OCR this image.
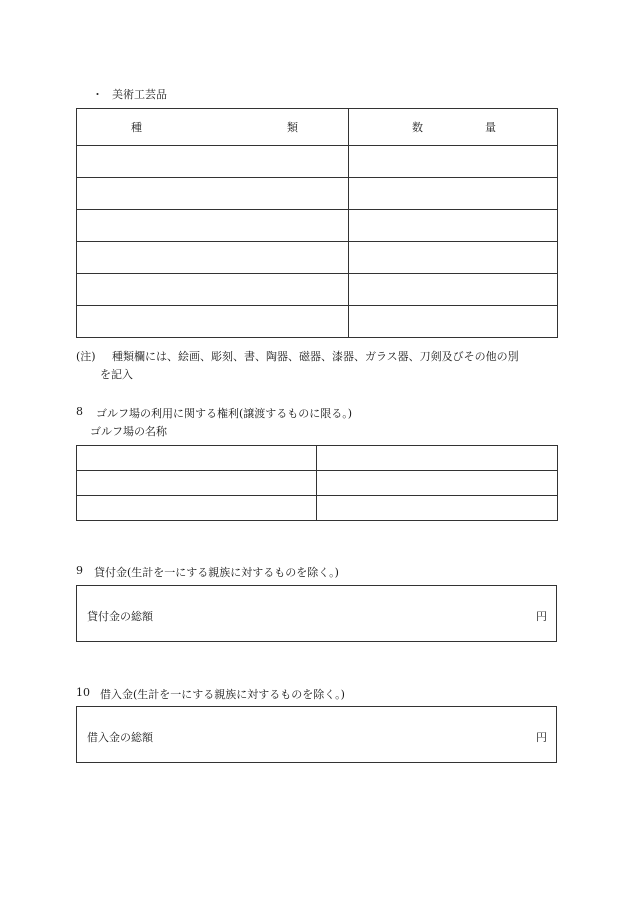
・ 美術工芸品
種 類	数 量

(注) 種類欄には、絵画、彫刻、書、陶器、磁器、漆器、ガラス器、刀剣及びその他の別
を記入
8 ゴルフ場の利用に関する権利(譲渡するものに限る。)
ゴルフ場の名称

9 貸付金(生計を一にする親族に対するものを除く。)
貸付金の総額	円
10 借入金(生計を一にする親族に対するものを除く。)
借入金の総額	円
